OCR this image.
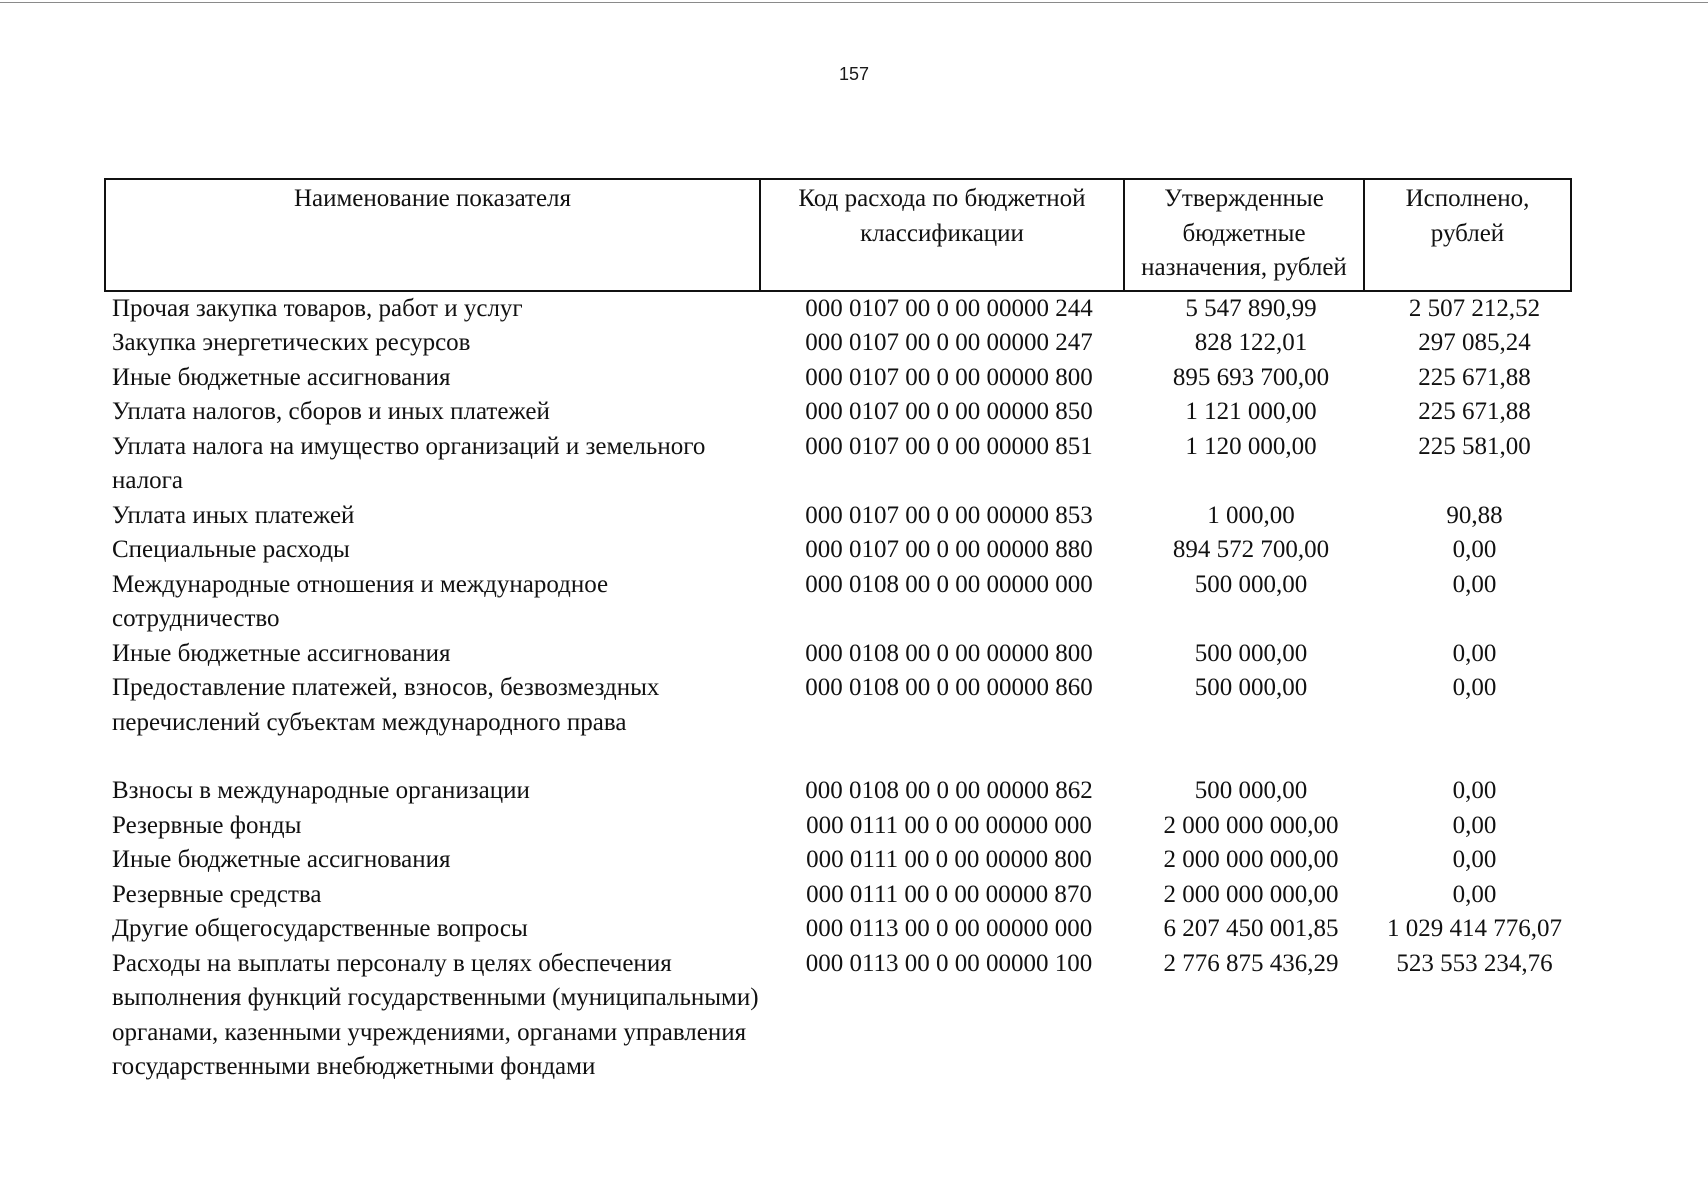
157
Наименование показателя	Код расхода по бюджетной классификации	Утвержденные бюджетные назначения, рублей	Исполнено, рублей
Прочая закупка товаров, работ и услуг	000 0107 00 0 00 00000 244	5 547 890,99	2 507 212,52
Закупка энергетических ресурсов	000 0107 00 0 00 00000 247	828 122,01	297 085,24
Иные бюджетные ассигнования	000 0107 00 0 00 00000 800	895 693 700,00	225 671,88
Уплата налогов, сборов и иных платежей	000 0107 00 0 00 00000 850	1 121 000,00	225 671,88
Уплата налога на имущество организаций и земельного налога	000 0107 00 0 00 00000 851	1 120 000,00	225 581,00
Уплата иных платежей	000 0107 00 0 00 00000 853	1 000,00	90,88
Специальные расходы	000 0107 00 0 00 00000 880	894 572 700,00	0,00
Международные отношения и международное сотрудничество	000 0108 00 0 00 00000 000	500 000,00	0,00
Иные бюджетные ассигнования	000 0108 00 0 00 00000 800	500 000,00	0,00
Предоставление платежей, взносов, безвозмездных перечислений субъектам международного права	000 0108 00 0 00 00000 860	500 000,00	0,00

Взносы в международные организации	000 0108 00 0 00 00000 862	500 000,00	0,00
Резервные фонды	000 0111 00 0 00 00000 000	2 000 000 000,00	0,00
Иные бюджетные ассигнования	000 0111 00 0 00 00000 800	2 000 000 000,00	0,00
Резервные средства	000 0111 00 0 00 00000 870	2 000 000 000,00	0,00
Другие общегосударственные вопросы	000 0113 00 0 00 00000 000	6 207 450 001,85	1 029 414 776,07
Расходы на выплаты персоналу в целях обеспечения выполнения функций государственными (муниципальными) органами, казенными учреждениями, органами управления государственными внебюджетными фондами	000 0113 00 0 00 00000 100	2 776 875 436,29	523 553 234,76
